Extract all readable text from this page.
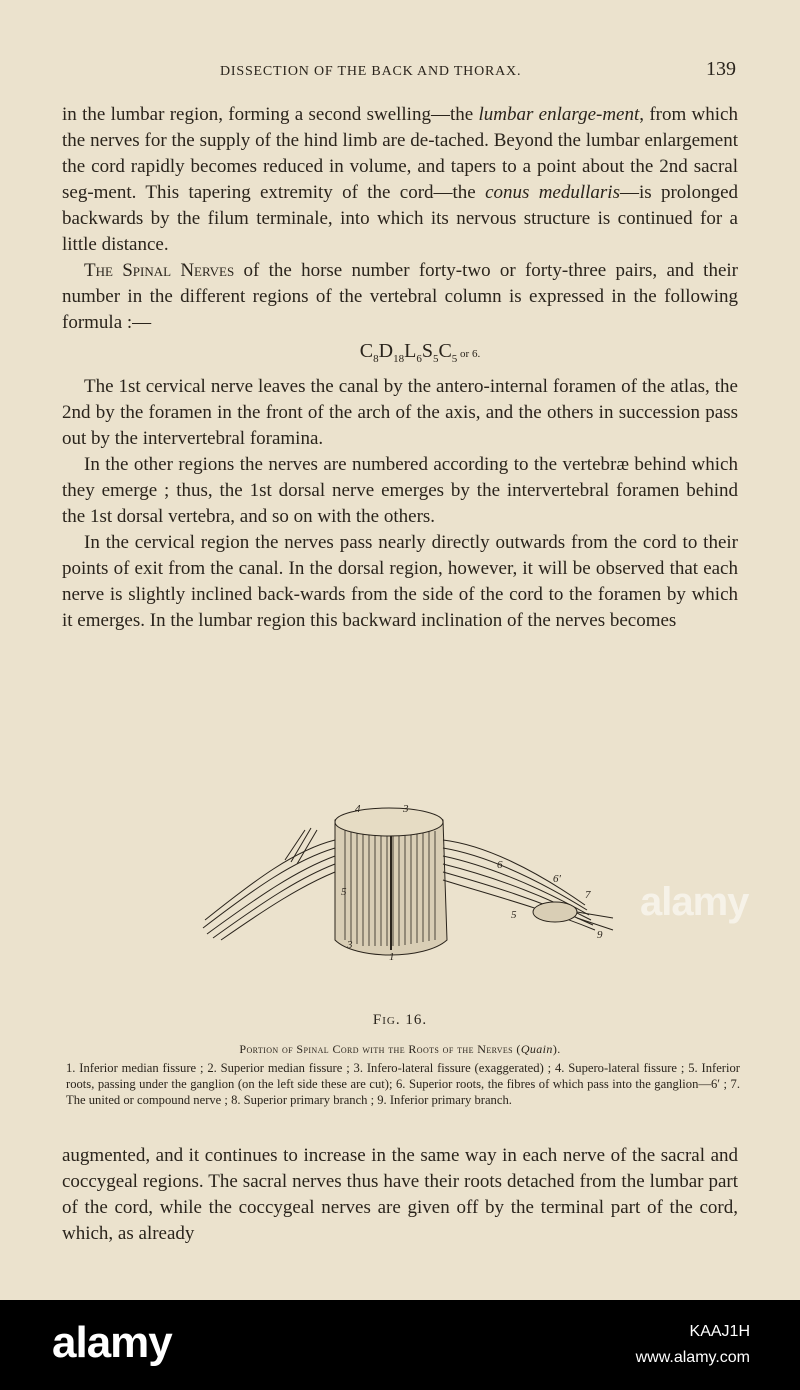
DISSECTION OF THE BACK AND THORAX.	139

in the lumbar region, forming a second swelling—the lumbar enlarge-ment, from which the nerves for the supply of the hind limb are de-tached. Beyond the lumbar enlargement the cord rapidly becomes reduced in volume, and tapers to a point about the 2nd sacral seg-ment. This tapering extremity of the cord—the conus medullaris—is prolonged backwards by the filum terminale, into which its nervous structure is continued for a little distance.

The Spinal Nerves of the horse number forty-two or forty-three pairs, and their number in the different regions of the vertebral column is expressed in the following formula :—

$C_8D_{18}L_6S_5C_5$ or 6.

The 1st cervical nerve leaves the canal by the antero-internal foramen of the atlas, the 2nd by the foramen in the front of the arch of the axis, and the others in succession pass out by the intervertebral foramina.

In the other regions the nerves are numbered according to the vertebræ behind which they emerge ; thus, the 1st dorsal nerve emerges by the intervertebral foramen behind the 1st dorsal vertebra, and so on with the others.

In the cervical region the nerves pass nearly directly outwards from the cord to their points of exit from the canal. In the dorsal region, however, it will be observed that each nerve is slightly inclined back-wards from the side of the cord to the foramen by which it emerges. In the lumbar region this backward inclination of the nerves becomes

4	3
5
6
6′
7
1
3
5
9
Fig. 16.
Portion of Spinal Cord with the Roots of the Nerves (Quain).

1. Inferior median fissure ; 2. Superior median fissure ; 3. Infero-lateral fissure (exaggerated) ; 4. Supero-lateral fissure ; 5. Inferior roots, passing under the ganglion (on the left side these are cut); 6. Superior roots, the fibres of which pass into the ganglion—6′ ; 7. The united or compound nerve ; 8. Superior primary branch ; 9. Inferior primary branch.

augmented, and it continues to increase in the same way in each nerve of the sacral and coccygeal regions. The sacral nerves thus have their roots detached from the lumbar part of the cord, while the coccygeal nerves are given off by the terminal part of the cord, which, as already

alamy
alamy	KAAJ1H
www.alamy.com
